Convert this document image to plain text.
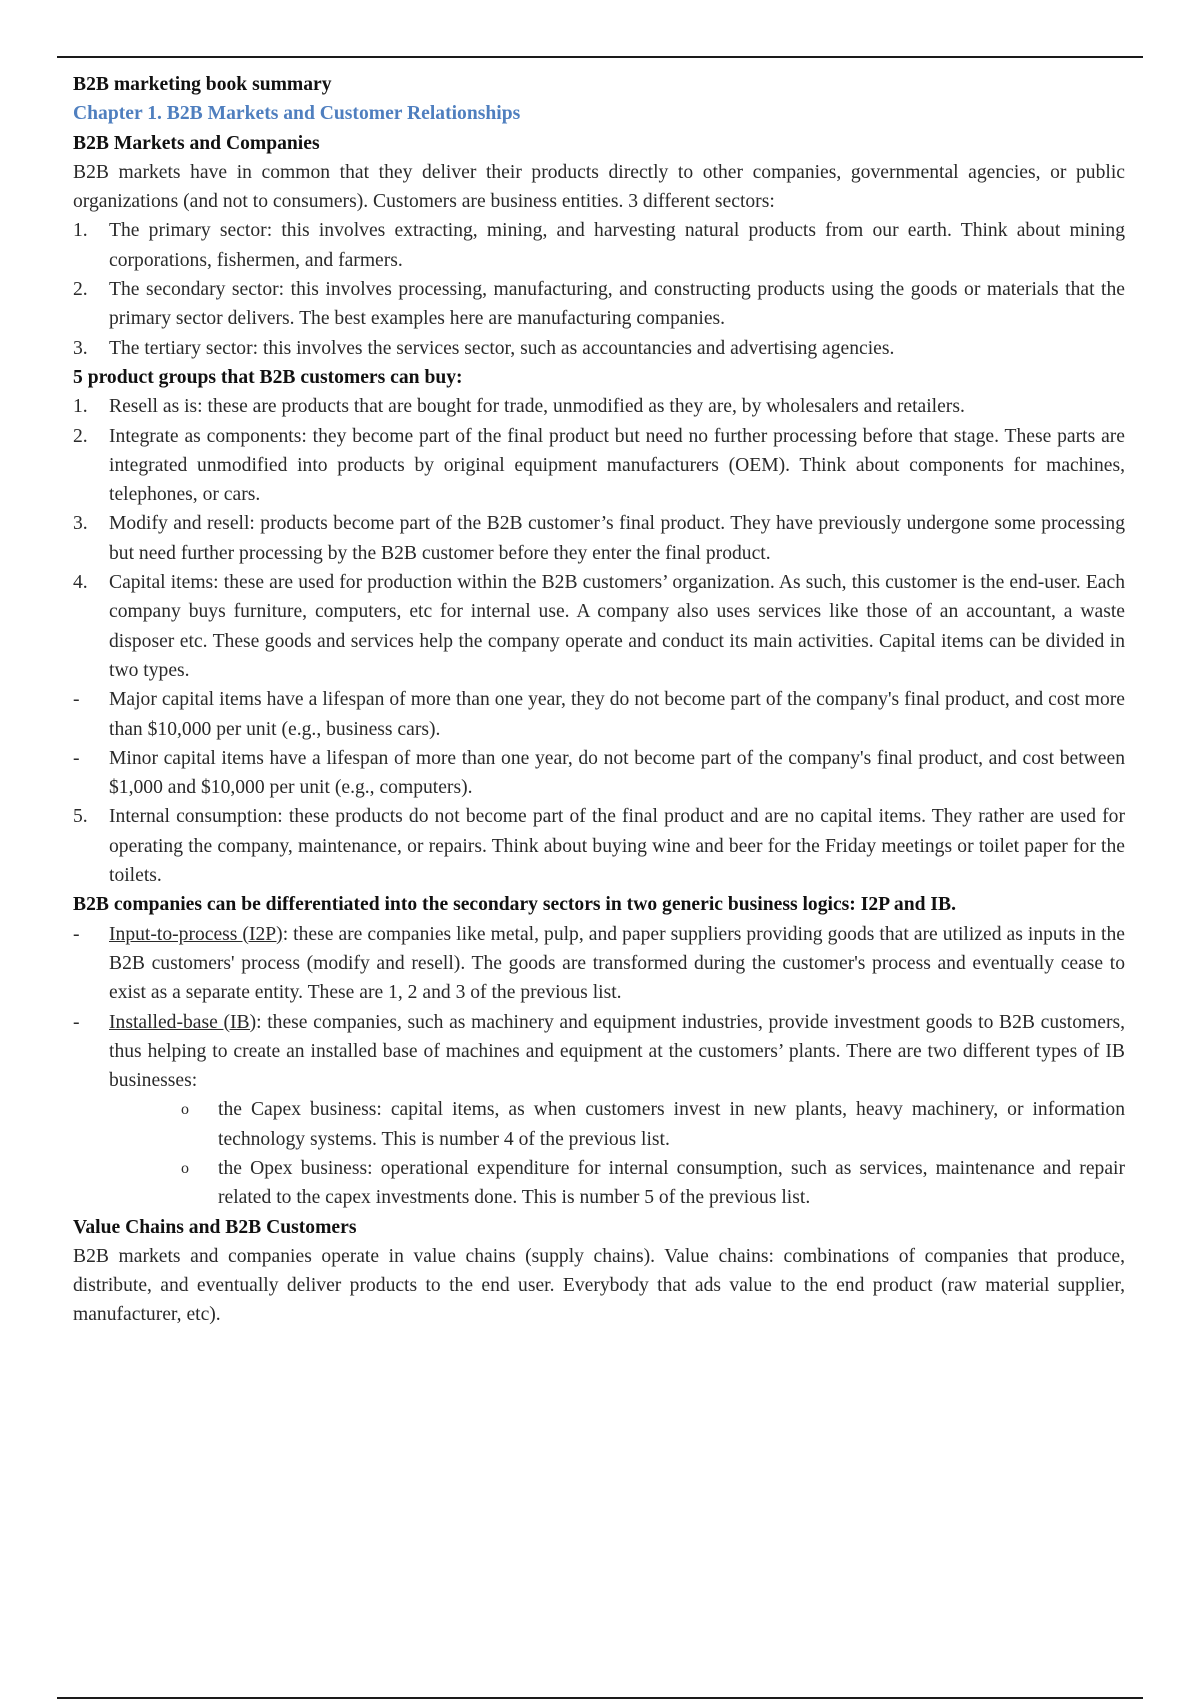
B2B marketing book summary

Chapter 1. B2B Markets and Customer Relationships

B2B Markets and Companies

B2B markets have in common that they deliver their products directly to other companies, governmental agencies, or public organizations (and not to consumers). Customers are business entities. 3 different sectors:

1. The primary sector: this involves extracting, mining, and harvesting natural products from our earth. Think about mining corporations, fishermen, and farmers.
2. The secondary sector: this involves processing, manufacturing, and constructing products using the goods or materials that the primary sector delivers. The best examples here are manufacturing companies.
3. The tertiary sector: this involves the services sector, such as accountancies and advertising agencies.

5 product groups that B2B customers can buy:

1. Resell as is: these are products that are bought for trade, unmodified as they are, by wholesalers and retailers.
2. Integrate as components: they become part of the final product but need no further processing before that stage. These parts are integrated unmodified into products by original equipment manufacturers (OEM). Think about components for machines, telephones, or cars.
3. Modify and resell: products become part of the B2B customer’s final product. They have previously undergone some processing but need further processing by the B2B customer before they enter the final product.
4. Capital items: these are used for production within the B2B customers’ organization. As such, this customer is the end-user. Each company buys furniture, computers, etc for internal use. A company also uses services like those of an accountant, a waste disposer etc. These goods and services help the company operate and conduct its main activities. Capital items can be divided in two types.
- Major capital items have a lifespan of more than one year, they do not become part of the company's final product, and cost more than $10,000 per unit (e.g., business cars).
- Minor capital items have a lifespan of more than one year, do not become part of the company's final product, and cost between $1,000 and $10,000 per unit (e.g., computers).
5. Internal consumption: these products do not become part of the final product and are no capital items. They rather are used for operating the company, maintenance, or repairs. Think about buying wine and beer for the Friday meetings or toilet paper for the toilets.

B2B companies can be differentiated into the secondary sectors in two generic business logics: I2P and IB.

- Input-to-process (I2P): these are companies like metal, pulp, and paper suppliers providing goods that are utilized as inputs in the B2B customers' process (modify and resell). The goods are transformed during the customer's process and eventually cease to exist as a separate entity. These are 1, 2 and 3 of the previous list.
- Installed-base (IB): these companies, such as machinery and equipment industries, provide investment goods to B2B customers, thus helping to create an installed base of machines and equipment at the customers’ plants. There are two different types of IB businesses:
o the Capex business: capital items, as when customers invest in new plants, heavy machinery, or information technology systems. This is number 4 of the previous list.
o the Opex business: operational expenditure for internal consumption, such as services, maintenance and repair related to the capex investments done. This is number 5 of the previous list.

Value Chains and B2B Customers

B2B markets and companies operate in value chains (supply chains). Value chains: combinations of companies that produce, distribute, and eventually deliver products to the end user. Everybody that ads value to the end product (raw material supplier, manufacturer, etc).
